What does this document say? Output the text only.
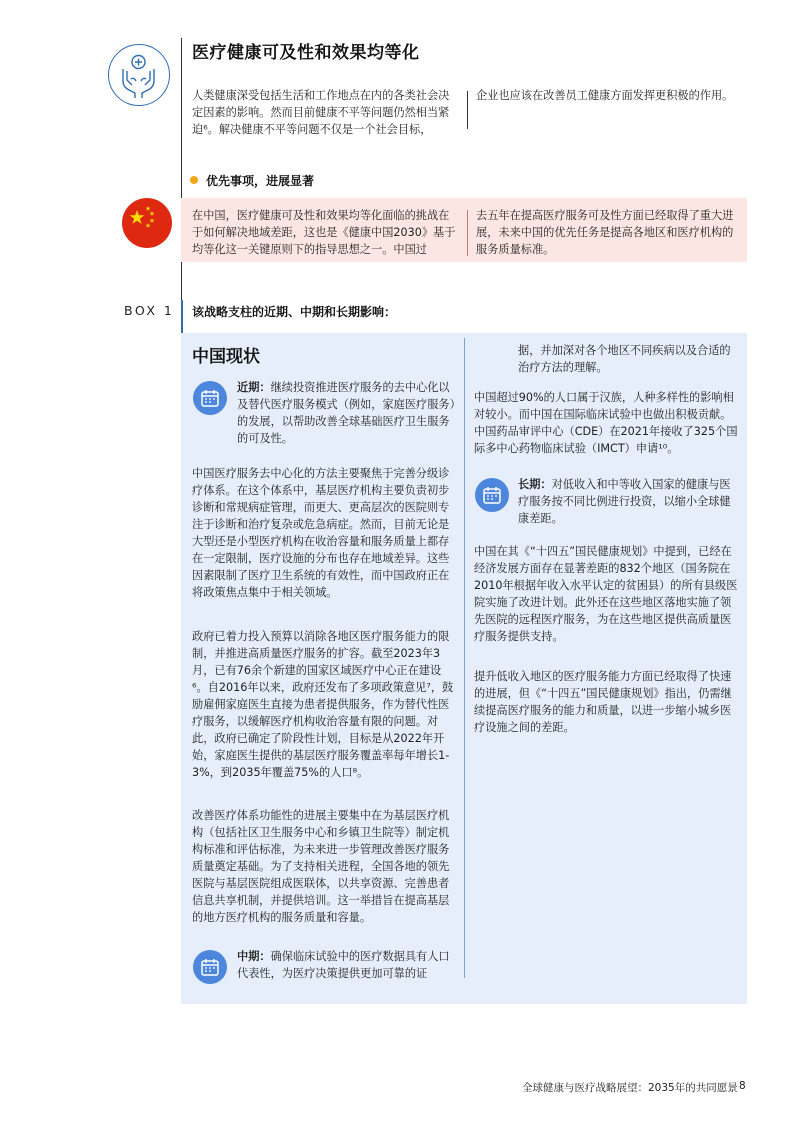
医疗健康可及性和效果均等化

人类健康深受包括生活和工作地点在内的各类社会决定因素的影响。然而目前健康不平等问题仍然相当紧迫⁶。解决健康不平等问题不仅是一个社会目标，

企业也应该在改善员工健康方面发挥更积极的作用。

优先事项，进展显著

在中国，医疗健康可及性和效果均等化面临的挑战在于如何解决地域差距，这也是《健康中国2030》基于均等化这一关键原则下的指导思想之一。中国过

去五年在提高医疗服务可及性方面已经取得了重大进展，未来中国的优先任务是提高各地区和医疗机构的服务质量标准。

BOX 1 该战略支柱的近期、中期和长期影响：
中国现状

近期：继续投资推进医疗服务的去中心化以及替代医疗服务模式（例如，家庭医疗服务）的发展，以帮助改善全球基础医疗卫生服务的可及性。

中国医疗服务去中心化的方法主要聚焦于完善分级诊疗体系。在这个体系中，基层医疗机构主要负责初步诊断和常规病症管理，而更大、更高层次的医院则专注于诊断和治疗复杂或危急病症。然而，目前无论是大型还是小型医疗机构在收治容量和服务质量上都存在一定限制，医疗设施的分布也存在地域差异。这些因素限制了医疗卫生系统的有效性，而中国政府正在将政策焦点集中于相关领域。

政府已着力投入预算以消除各地区医疗服务能力的限制，并推进高质量医疗服务的扩容。截至2023年3月，已有76余个新建的国家区域医疗中心正在建设⁶。自2016年以来，政府还发布了多项政策意见⁷，鼓励雇佣家庭医生直接为患者提供服务，作为替代性医疗服务，以缓解医疗机构收治容量有限的问题。对此，政府已确定了阶段性计划，目标是从2022年开始，家庭医生提供的基层医疗服务覆盖率每年增长1-3%，到2035年覆盖75%的人口⁸。

改善医疗体系功能性的进展主要集中在为基层医疗机构（包括社区卫生服务中心和乡镇卫生院等）制定机构标准和评估标准，为未来进一步管理改善医疗服务质量奠定基础。为了支持相关进程，全国各地的领先医院与基层医院组成医联体，以共享资源、完善患者信息共享机制，并提供培训。这一举措旨在提高基层的地方医疗机构的服务质量和容量。

中期：确保临床试验中的医疗数据具有人口代表性，为医疗决策提供更加可靠的证

据，并加深对各个地区不同疾病以及合适的治疗方法的理解。

中国超过90%的人口属于汉族，人种多样性的影响相对较小。而中国在国际临床试验中也做出积极贡献。中国药品审评中心（CDE）在2021年接收了325个国际多中心药物临床试验（IMCT）申请¹⁰。

长期：对低收入和中等收入国家的健康与医疗服务按不同比例进行投资，以缩小全球健康差距。

中国在其《“十四五”国民健康规划》中提到，已经在经济发展方面存在显著差距的832个地区（国务院在2010年根据年收入水平认定的贫困县）的所有县级医院实施了改进计划。此外还在这些地区落地实施了领先医院的远程医疗服务，为在这些地区提供高质量医疗服务提供支持。

提升低收入地区的医疗服务能力方面已经取得了快速的进展，但《“十四五”国民健康规划》指出，仍需继续提高医疗服务的能力和质量，以进一步缩小城乡医疗设施之间的差距。

全球健康与医疗战略展望：2035年的共同愿景 8
